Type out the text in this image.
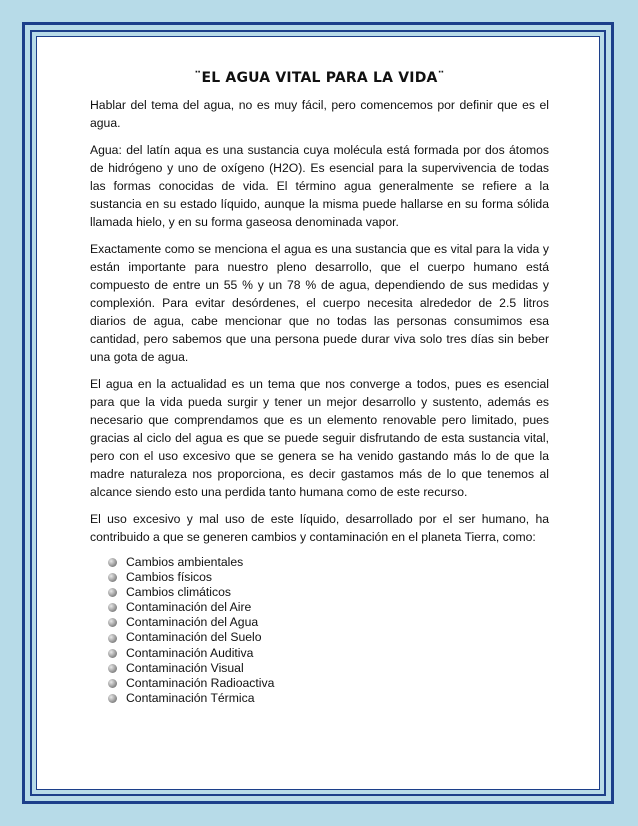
¨EL AGUA VITAL PARA LA VIDA¨

Hablar del tema del agua, no es muy fácil, pero comencemos por definir que es el agua.

Agua: del latín aqua es una sustancia cuya molécula está formada por dos átomos de hidrógeno y uno de oxígeno (H2O). Es esencial para la supervivencia de todas las formas conocidas de vida. El término agua generalmente se refiere a la sustancia en su estado líquido, aunque la misma puede hallarse en su forma sólida llamada hielo, y en su forma gaseosa denominada vapor.

Exactamente como se menciona el agua es una sustancia que es vital para la vida y están importante para nuestro pleno desarrollo, que el cuerpo humano está compuesto de entre un 55 % y un 78 % de agua, dependiendo de sus medidas y complexión. Para evitar desórdenes, el cuerpo necesita alrededor de 2.5 litros diarios de agua, cabe mencionar que no todas las personas consumimos esa cantidad, pero sabemos que una persona puede durar viva solo tres días sin beber una gota de agua.

El agua en la actualidad es un tema que nos converge a todos, pues es esencial para que la vida pueda surgir y tener un mejor desarrollo y sustento, además es necesario que comprendamos que es un elemento renovable pero limitado, pues gracias al ciclo del agua es que se puede seguir disfrutando de esta sustancia vital, pero con el uso excesivo que se genera se ha venido gastando más lo de que la madre naturaleza nos proporciona, es decir gastamos más de lo que tenemos al alcance siendo esto una perdida tanto humana como de este recurso.

El uso excesivo y mal uso de este líquido, desarrollado por el ser humano, ha contribuido a que se generen cambios y contaminación en el planeta Tierra, como:

Cambios ambientales
Cambios físicos
Cambios climáticos
Contaminación del Aire
Contaminación del Agua
Contaminación del Suelo
Contaminación Auditiva
Contaminación Visual
Contaminación Radioactiva
Contaminación Térmica
